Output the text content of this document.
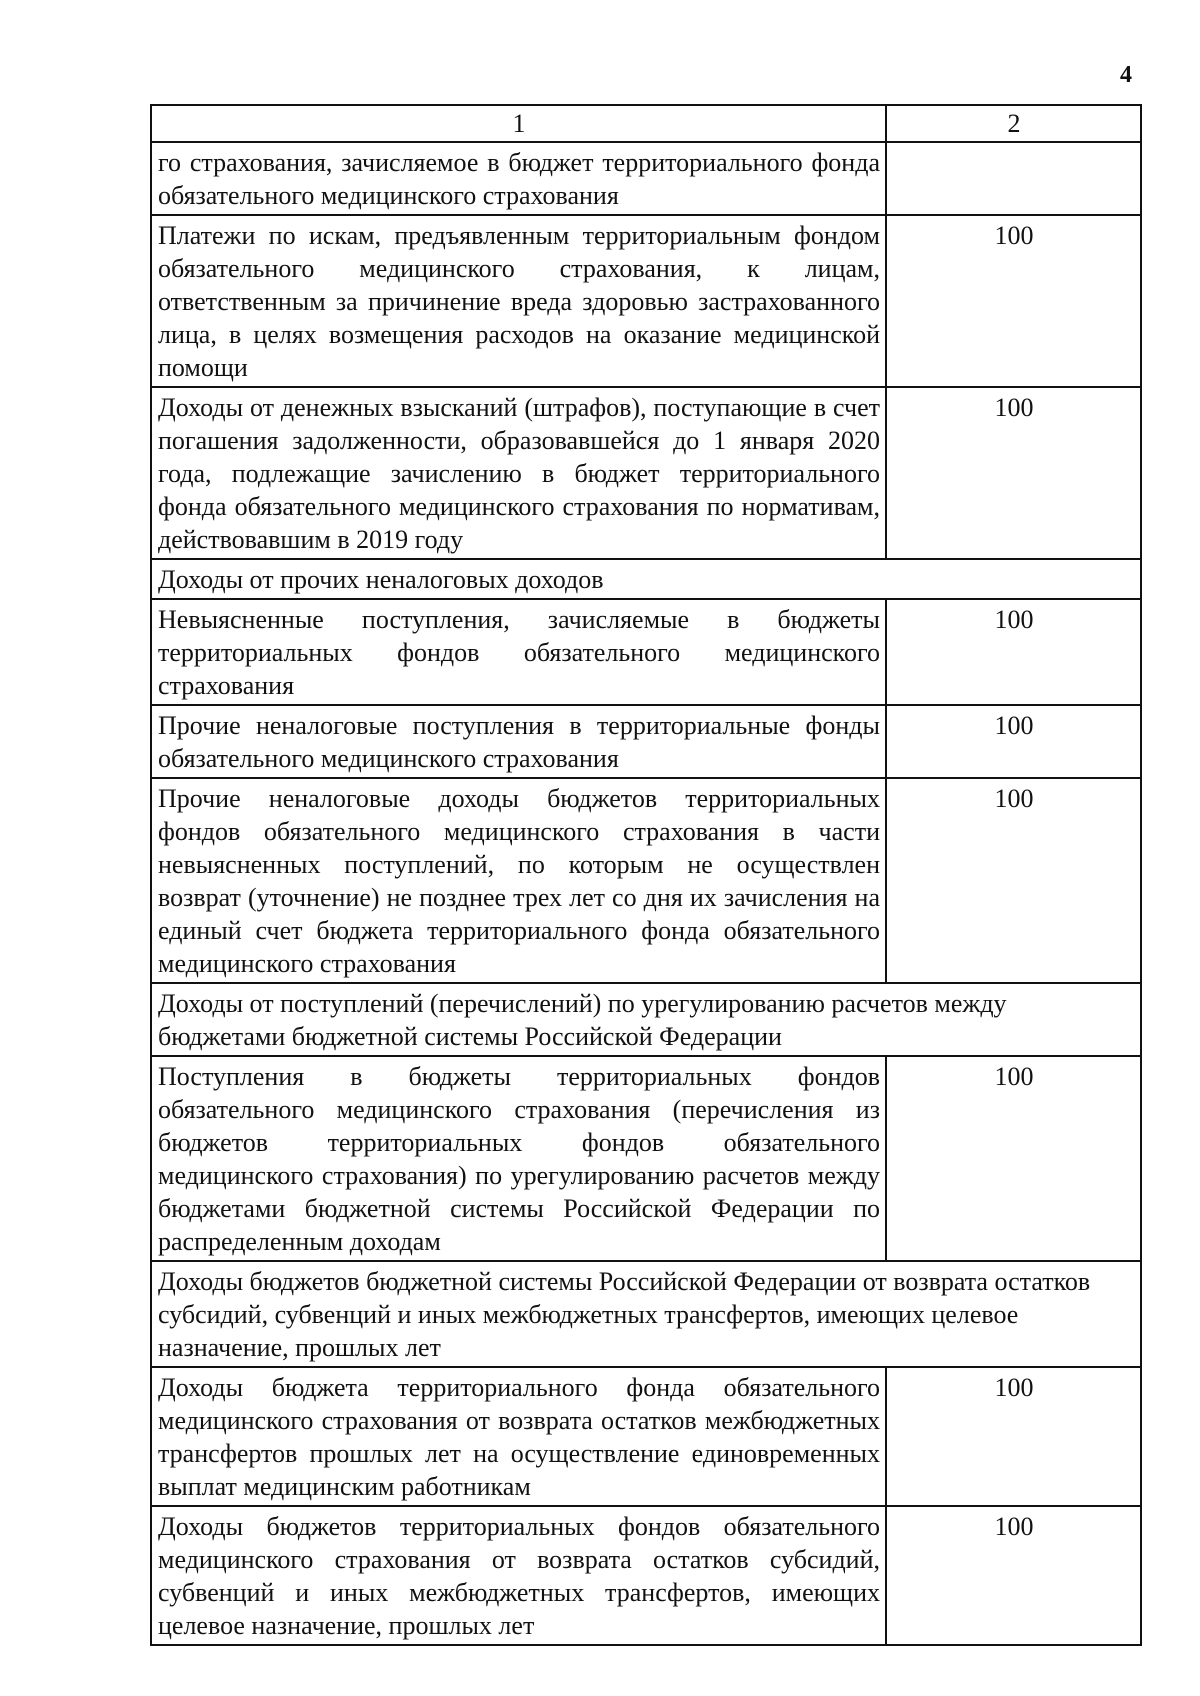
4
1	2
го страхования, зачисляемое в бюджет территориального фонда обязательного медицинского страхования	
Платежи по искам, предъявленным территориальным фондом обязательного медицинского страхования, к лицам, ответственным за причинение вреда здоровью застрахованного лица, в целях возмещения расходов на оказание медицинской помощи	100
Доходы от денежных взысканий (штрафов), поступающие в счет погашения задолженности, образовавшейся до 1 января 2020 года, подлежащие зачислению в бюджет территориального фонда обязательного медицинского страхования по нормативам, действовавшим в 2019 году	100
Доходы от прочих неналоговых доходов	
Невыясненные поступления, зачисляемые в бюджеты территориальных фондов обязательного медицинского страхования	100
Прочие неналоговые поступления в территориальные фонды обязательного медицинского страхования	100
Прочие неналоговые доходы бюджетов территориальных фондов обязательного медицинского страхования в части невыясненных поступлений, по которым не осуществлен возврат (уточнение) не позднее трех лет со дня их зачисления на единый счет бюджета территориального фонда обязательного медицинского страхования	100
Доходы от поступлений (перечислений) по урегулированию расчетов между бюджетами бюджетной системы Российской Федерации	
Поступления в бюджеты территориальных фондов обязательного медицинского страхования (перечисления из бюджетов территориальных фондов обязательного медицинского страхования) по урегулированию расчетов между бюджетами бюджетной системы Российской Федерации по распределенным доходам	100
Доходы бюджетов бюджетной системы Российской Федерации от возврата остатков субсидий, субвенций и иных межбюджетных трансфертов, имеющих целевое назначение, прошлых лет	
Доходы бюджета территориального фонда обязательного медицинского страхования от возврата остатков межбюджетных трансфертов прошлых лет на осуществление единовременных выплат медицинским работникам	100
Доходы бюджетов территориальных фондов обязательного медицинского страхования от возврата остатков субсидий, субвенций и иных межбюджетных трансфертов, имеющих целевое назначение, прошлых лет	100
